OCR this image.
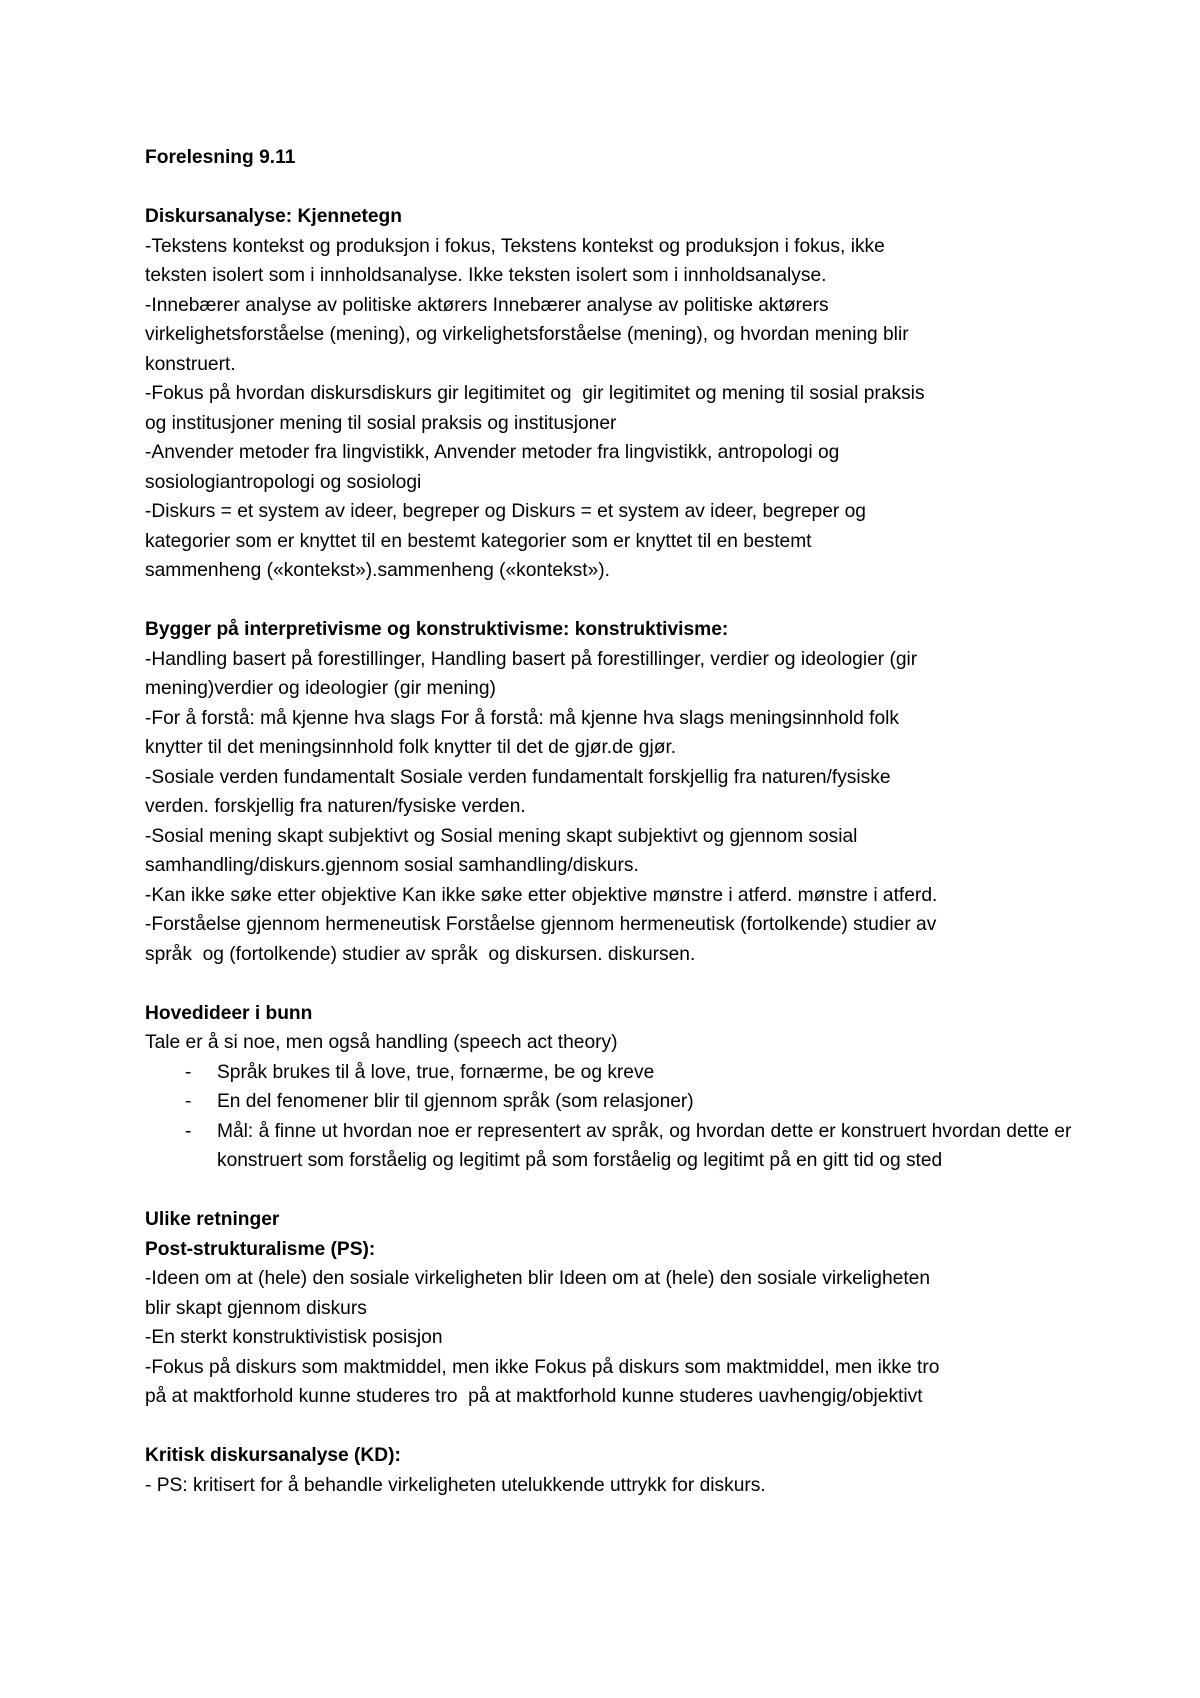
Forelesning 9.11

Diskursanalyse: Kjennetegn

-Tekstens kontekst og produksjon i fokus, Tekstens kontekst og produksjon i fokus, ikke

teksten isolert som i innholdsanalyse. Ikke teksten isolert som i innholdsanalyse.

-Innebærer analyse av politiske aktørers Innebærer analyse av politiske aktørers

virkelighetsforståelse (mening), og virkelighetsforståelse (mening), og hvordan mening blir

konstruert.

-Fokus på hvordan diskursdiskurs gir legitimitet og  gir legitimitet og mening til sosial praksis

og institusjoner mening til sosial praksis og institusjoner

-Anvender metoder fra lingvistikk, Anvender metoder fra lingvistikk, antropologi og

sosiologiantropologi og sosiologi

-Diskurs = et system av ideer, begreper og Diskurs = et system av ideer, begreper og

kategorier som er knyttet til en bestemt kategorier som er knyttet til en bestemt

sammenheng («kontekst»).sammenheng («kontekst»).

Bygger på interpretivisme og konstruktivisme: konstruktivisme:

-Handling basert på forestillinger, Handling basert på forestillinger, verdier og ideologier (gir

mening)verdier og ideologier (gir mening)

-For å forstå: må kjenne hva slags For å forstå: må kjenne hva slags meningsinnhold folk

knytter til det meningsinnhold folk knytter til det de gjør.de gjør.

-Sosiale verden fundamentalt Sosiale verden fundamentalt forskjellig fra naturen/fysiske

verden. forskjellig fra naturen/fysiske verden.

-Sosial mening skapt subjektivt og Sosial mening skapt subjektivt og gjennom sosial

samhandling/diskurs.gjennom sosial samhandling/diskurs.

-Kan ikke søke etter objektive Kan ikke søke etter objektive mønstre i atferd. mønstre i atferd.

-Forståelse gjennom hermeneutisk Forståelse gjennom hermeneutisk (fortolkende) studier av

språk  og (fortolkende) studier av språk  og diskursen. diskursen.

Hovedideer i bunn

Tale er å si noe, men også handling (speech act theory)

- Språk brukes til å love, true, fornærme, be og kreve
- En del fenomener blir til gjennom språk (som relasjoner)
- Mål: å finne ut hvordan noe er representert av språk, og hvordan dette er konstruert hvordan dette er konstruert som forståelig og legitimt på som forståelig og legitimt på en gitt tid og sted

Ulike retninger

Post-strukturalisme (PS):

-Ideen om at (hele) den sosiale virkeligheten blir Ideen om at (hele) den sosiale virkeligheten

blir skapt gjennom diskurs

-En sterkt konstruktivistisk posisjon

-Fokus på diskurs som maktmiddel, men ikke Fokus på diskurs som maktmiddel, men ikke tro

på at maktforhold kunne studeres tro  på at maktforhold kunne studeres uavhengig/objektivt

Kritisk diskursanalyse (KD):

- PS: kritisert for å behandle virkeligheten utelukkende uttrykk for diskurs.
